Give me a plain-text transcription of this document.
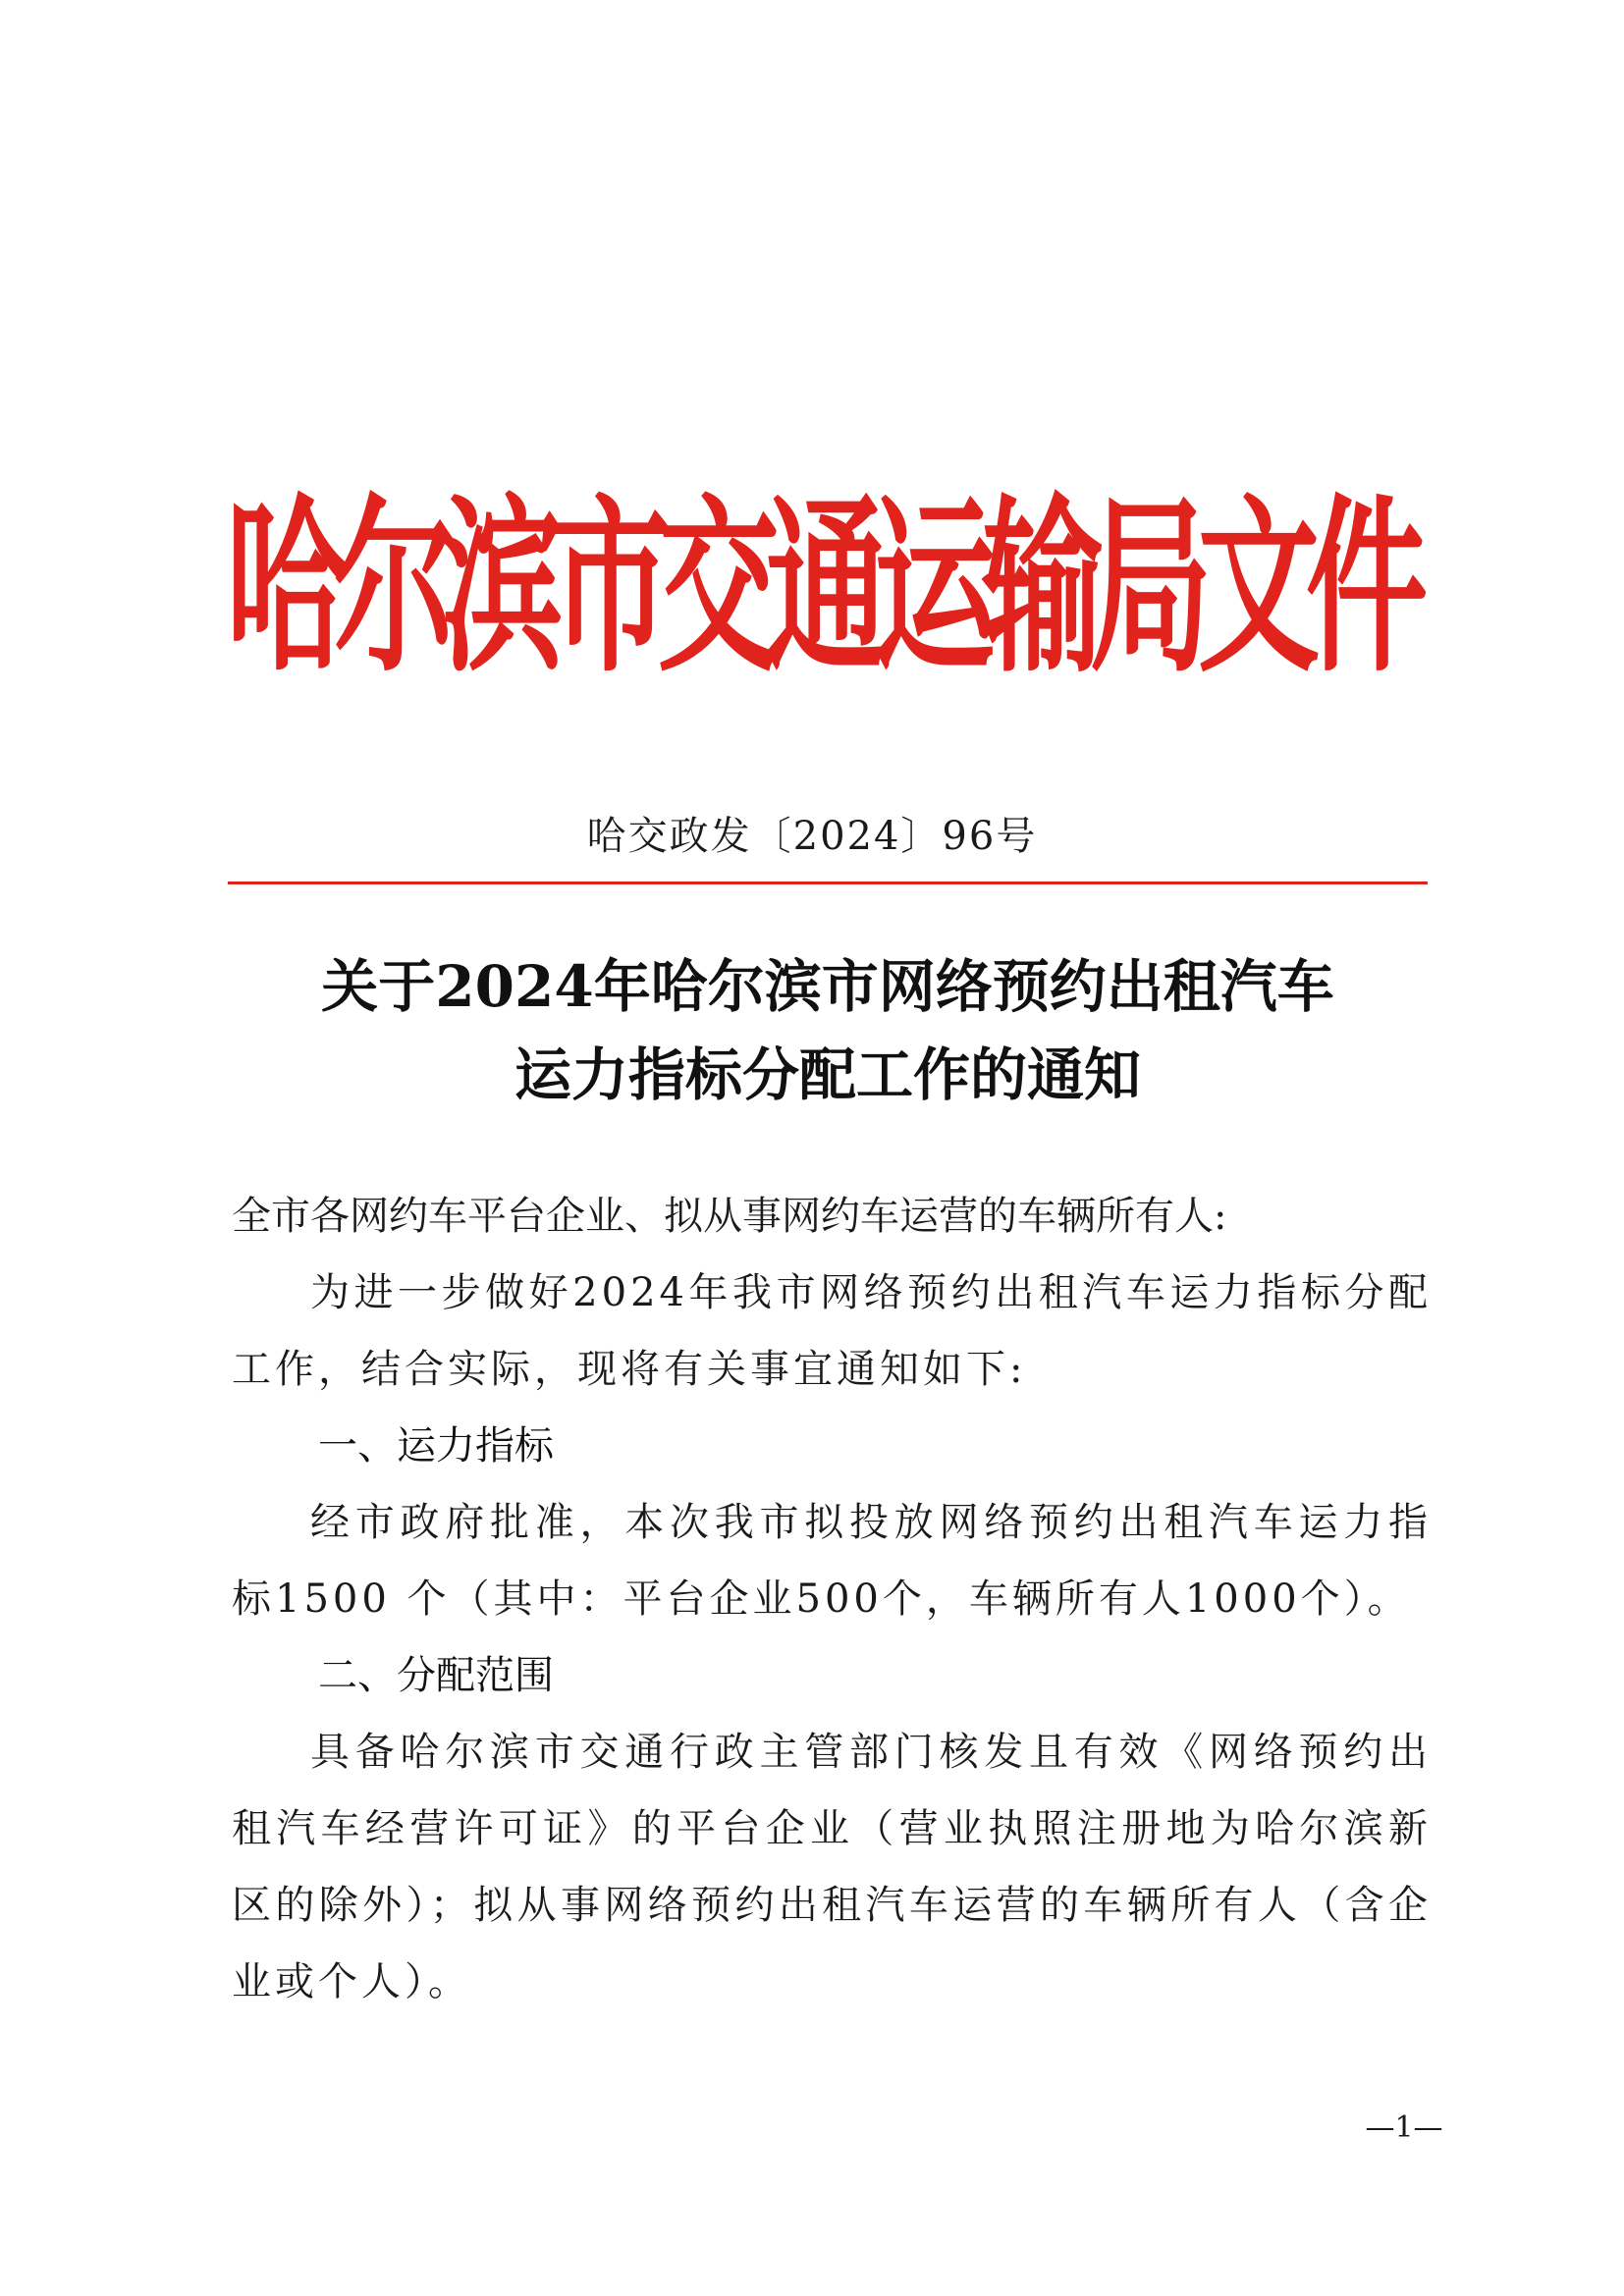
哈尔滨市交通运输局文件
哈交政发〔2024〕96号
关于2024年哈尔滨市网络预约出租汽车
运力指标分配工作的通知

全市各网约车平台企业、拟从事网约车运营的车辆所有人:

为进一步做好2024年我市网络预约出租汽车运力指标分配工作，结合实际，现将有关事宜通知如下:

一、运力指标

经市政府批准，本次我市拟投放网络预约出租汽车运力指标1500 个（其中：平台企业500个，车辆所有人1000个）。

二、分配范围

具备哈尔滨市交通行政主管部门核发且有效《网络预约出租汽车经营许可证》的平台企业（营业执照注册地为哈尔滨新区的除外）；拟从事网络预约出租汽车运营的车辆所有人（含企业或个人）。

—1—
